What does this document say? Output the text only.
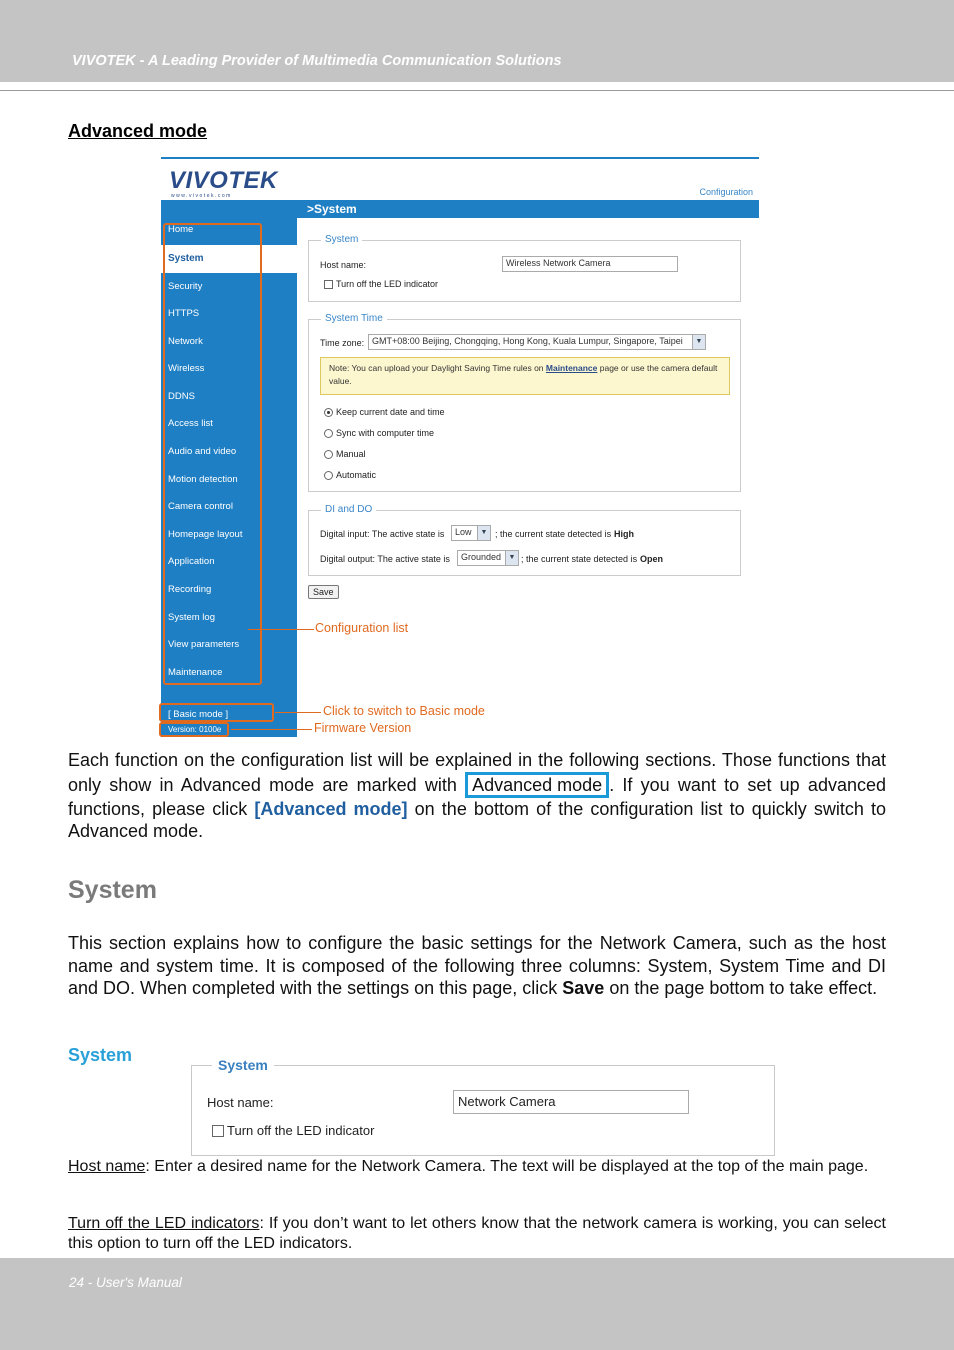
VIVOTEK - A Leading Provider of Multimedia Communication Solutions
Advanced mode
VIVOTEK
www.vivotek.com	Configuration
>System
System
Home
Security
HTTPS
Network
Wireless
DDNS
Access list
Audio and video
Motion detection
Camera control
Homepage layout
Application
Recording
System log
View parameters
Maintenance
[ Basic mode ]
Version: 0100e
System
Host name:	Wireless Network Camera
Turn off the LED indicator
System Time
Time zone: GMT+08:00 Beijing, Chongqing, Hong Kong, Kuala Lumpur, Singapore, Taipei	▼
Note: You can upload your Daylight Saving Time rules on Maintenance page or use the camera default value.
Keep current date and time
Sync with computer time
Manual
Automatic
DI and DO
Digital input: The active state is	Low	▼ ; the current state detected is High
Digital output: The active state is	Grounded	▼ ; the current state detected is Open
Save
Configuration list
Click to switch to Basic mode
Firmware Version
Each function on the configuration list will be explained in the following sections. Those functions that only show in Advanced mode are marked with Advanced mode . If you want to set up advanced functions, please click [Advanced mode] on the bottom of the configuration list to quickly switch to Advanced mode.
System
This section explains how to configure the basic settings for the Network Camera, such as the host name and system time. It is composed of the following three columns: System, System Time and DI and DO. When completed with the settings on this page, click Save on the page bottom to take effect.
System	System
Host name:	Network Camera
Turn off the LED indicator
Host name: Enter a desired name for the Network Camera. The text will be displayed at the top of the main page.
Turn off the LED indicators: If you don’t want to let others know that the network camera is working, you can select this option to turn off the LED indicators.
24 - User's Manual
